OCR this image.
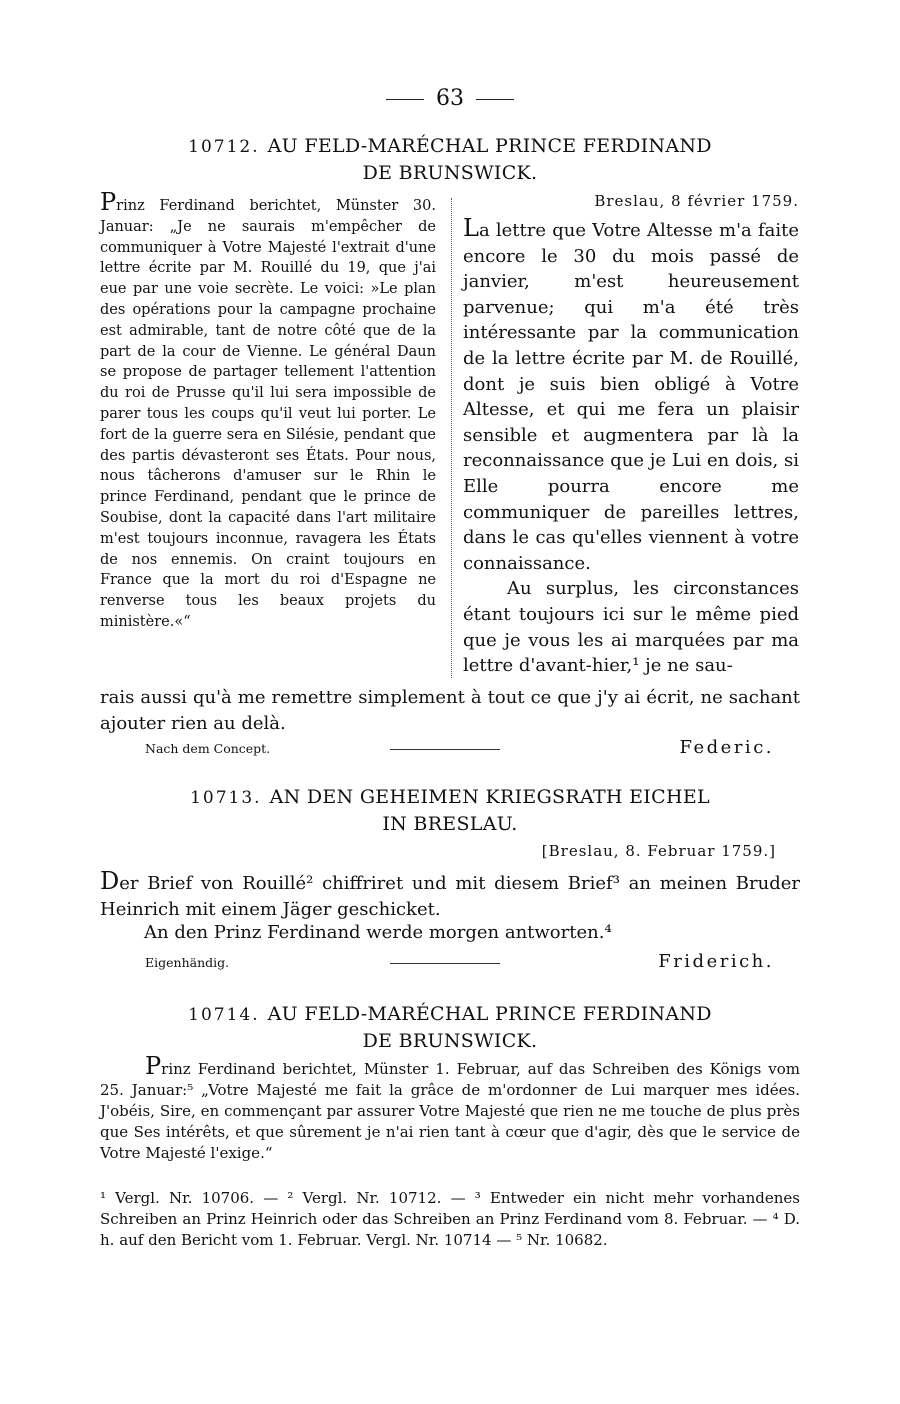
63
10712. AU FELD-MARÉCHAL PRINCE FERDINAND
DE BRUNSWICK.
Prinz Ferdinand berichtet, Münster 30. Januar: „Je ne saurais m'empêcher de communiquer à Votre Majesté l'extrait d'une lettre écrite par M. Rouillé du 19, que j'ai eue par une voie secrète. Le voici: »Le plan des opérations pour la campagne prochaine est admirable, tant de notre côté que de la part de la cour de Vienne. Le général Daun se propose de partager tellement l'attention du roi de Prusse qu'il lui sera impossible de parer tous les coups qu'il veut lui porter. Le fort de la guerre sera en Silésie, pendant que des partis dévasteront ses États. Pour nous, nous tâcherons d'amuser sur le Rhin le prince Ferdinand, pendant que le prince de Soubise, dont la capacité dans l'art militaire m'est toujours inconnue, ravagera les États de nos ennemis. On craint toujours en France que la mort du roi d'Espagne ne renverse tous les beaux projets du ministère.«“
Breslau, 8 février 1759.
La lettre que Votre Altesse m'a faite encore le 30 du mois passé de janvier, m'est heureusement parvenue; qui m'a été très intéressante par la communication de la lettre écrite par M. de Rouillé, dont je suis bien obligé à Votre Altesse, et qui me fera un plaisir sensible et augmentera par là la reconnaissance que je Lui en dois, si Elle pourra encore me communiquer de pareilles lettres, dans le cas qu'elles viennent à votre connaissance.
Au surplus, les circonstances étant toujours ici sur le même pied que je vous les ai marquées par ma lettre d'avant-hier,¹ je ne sau-
rais aussi qu'à me remettre simplement à tout ce que j'y ai écrit, ne sachant ajouter rien au delà.
Nach dem Concept.	Federic.
10713. AN DEN GEHEIMEN KRIEGSRATH EICHEL
IN BRESLAU.
[Breslau, 8. Februar 1759.]
Der Brief von Rouillé² chiffriret und mit diesem Brief³ an meinen Bruder Heinrich mit einem Jäger geschicket.
An den Prinz Ferdinand werde morgen antworten.⁴
Eigenhändig.	Friderich.
10714. AU FELD-MARÉCHAL PRINCE FERDINAND
DE BRUNSWICK.
Prinz Ferdinand berichtet, Münster 1. Februar, auf das Schreiben des Königs vom 25. Januar:⁵ „Votre Majesté me fait la grâce de m'ordonner de Lui marquer mes idées. J'obéis, Sire, en commençant par assurer Votre Majesté que rien ne me touche de plus près que Ses intérêts, et que sûrement je n'ai rien tant à cœur que d'agir, dès que le service de Votre Majesté l'exige.“
¹ Vergl. Nr. 10706. — ² Vergl. Nr. 10712. — ³ Entweder ein nicht mehr vorhandenes Schreiben an Prinz Heinrich oder das Schreiben an Prinz Ferdinand vom 8. Februar. — ⁴ D. h. auf den Bericht vom 1. Februar. Vergl. Nr. 10714 — ⁵ Nr. 10682.
